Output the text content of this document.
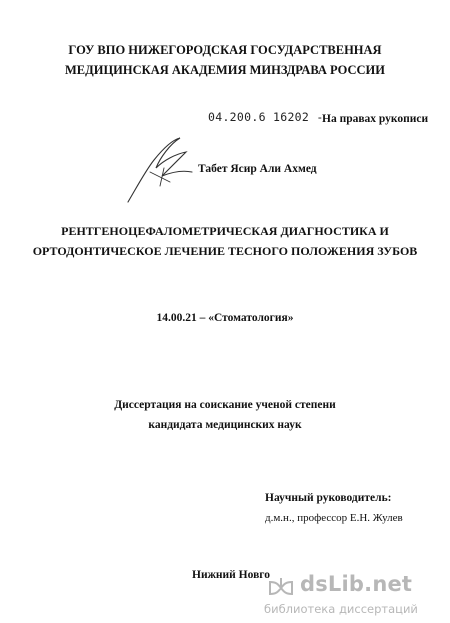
ГОУ ВПО НИЖЕГОРОДСКАЯ ГОСУДАРСТВЕННАЯ
МЕДИЦИНСКАЯ АКАДЕМИЯ МИНЗДРАВА РОССИИ
04.200.6 16202 -
На правах рукописи
Табет Ясир Али Ахмед
РЕНТГЕНОЦЕФАЛОМЕТРИЧЕСКАЯ ДИАГНОСТИКА И
ОРТОДОНТИЧЕСКОЕ ЛЕЧЕНИЕ ТЕСНОГО ПОЛОЖЕНИЯ ЗУБОВ
14.00.21 – «Стоматология»
Диссертация на соискание ученой степени
кандидата медицинских наук
Научный руководитель:
д.м.н., профессор Е.Н. Жулев
Нижний Новго dsLib.net
библиотека диссертаций
